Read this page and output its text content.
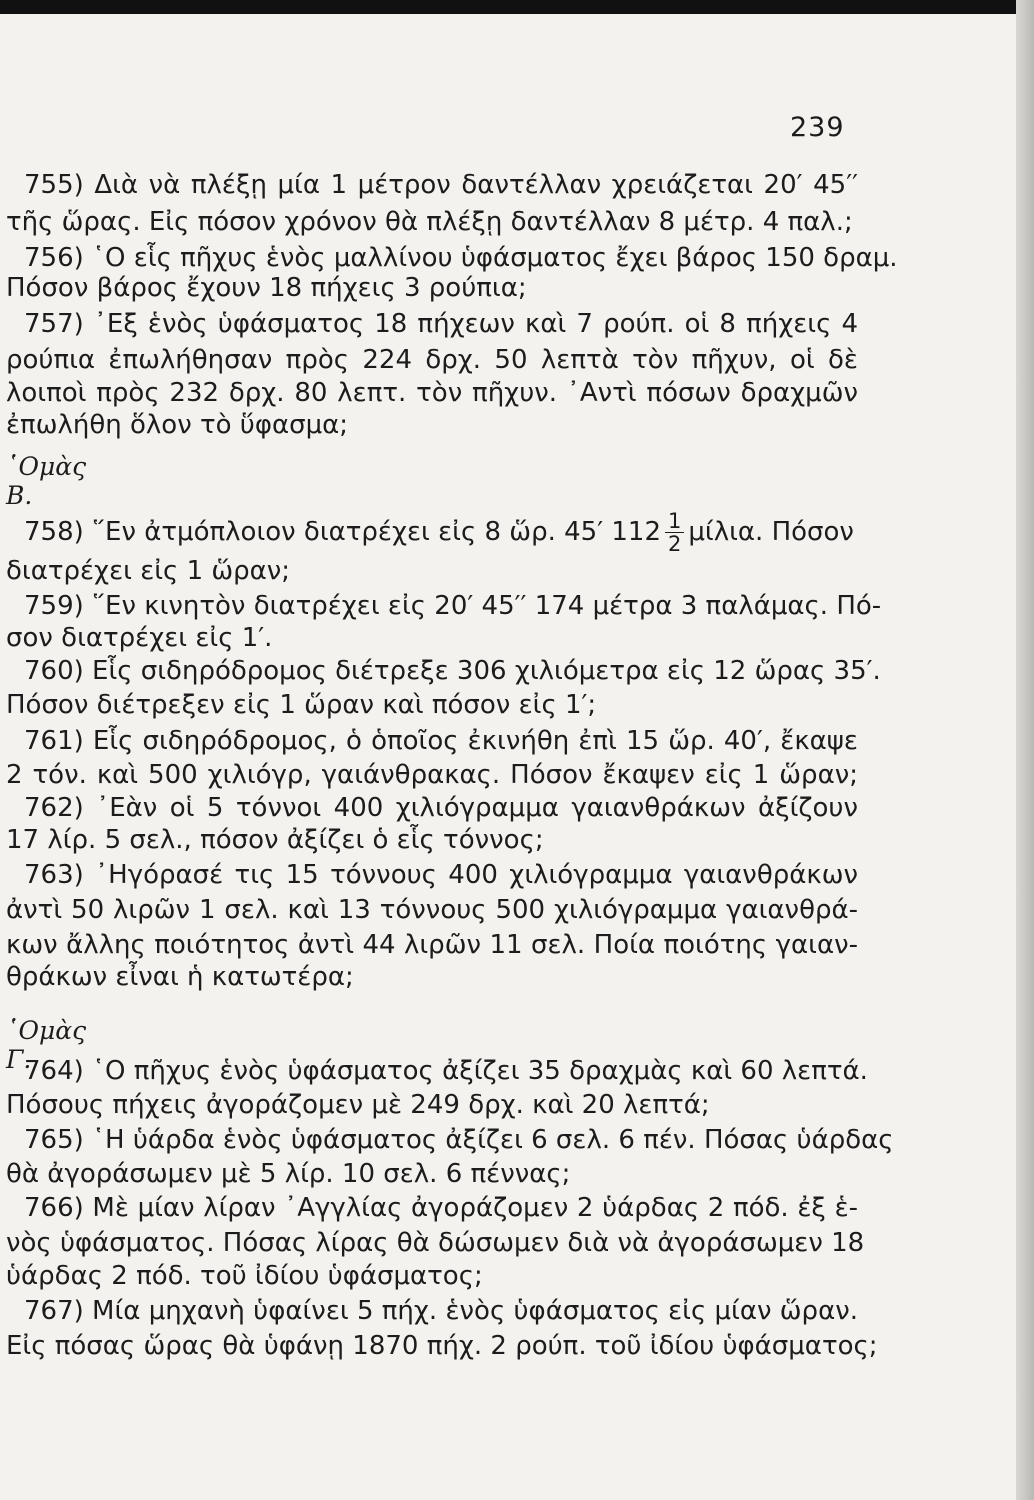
239
755) Διὰ νὰ πλέξῃ μία 1 μέτρον δαντέλλαν χρειάζεται 20′ 45′′
τῆς ὥρας. Εἰς πόσον χρόνον θὰ πλέξῃ δαντέλλαν 8 μέτρ. 4 παλ.;
756) ῾Ο εἷς πῆχυς ἑνὸς μαλλίνου ὑφάσματος ἔχει βάρος 150 δραμ.
Πόσον βάρος ἔχουν 18 πήχεις 3 ρούπια;
757) ᾿Εξ ἑνὸς ὑφάσματος 18 πήχεων καὶ 7 ρούπ. οἱ 8 πήχεις 4
ρούπια ἐπωλήθησαν πρὸς 224 δρχ. 50 λεπτὰ τὸν πῆχυν, οἱ δὲ
λοιποὶ πρὸς 232 δρχ. 80 λεπτ. τὸν πῆχυν. ᾿Αντὶ πόσων δραχμῶν
ἐπωλήθη ὅλον τὸ ὕφασμα;
῾Ομὰς Β.
758) ῞Εν ἀτμόπλοιον διατρέχει εἰς 8 ὥρ. 45′ $112 \frac{1}{2} \mu ί\lambda\iota\alpha$. Πόσον
διατρέχει εἰς 1 ὥραν;
759) ῞Εν κινητὸν διατρέχει εἰς 20′ 45′′ 174 μέτρα 3 παλάμας. Πό-
σον διατρέχει εἰς 1′.
760) Εἷς σιδηρόδρομος διέτρεξε 306 χιλιόμετρα εἰς 12 ὥρας 35′.
Πόσον διέτρεξεν εἰς 1 ὥραν καὶ πόσον εἰς 1′;
761) Εἷς σιδηρόδρομος, ὁ ὁποῖος ἐκινήθη ἐπὶ 15 ὥρ. 40′, ἔκαψε
2 τόν. καὶ 500 χιλιόγρ, γαιάνθρακας. Πόσον ἔκαψεν εἰς 1 ὥραν;
762) ᾿Εὰν οἱ 5 τόννοι 400 χιλιόγραμμα γαιανθράκων ἀξίζουν
17 λίρ. 5 σελ., πόσον ἀξίζει ὁ εἷς τόννος;
763) ᾿Ηγόρασέ τις 15 τόννους 400 χιλιόγραμμα γαιανθράκων
ἀντὶ 50 λιρῶν 1 σελ. καὶ 13 τόννους 500 χιλιόγραμμα γαιανθρά-
κων ἄλλης ποιότητος ἀντὶ 44 λιρῶν 11 σελ. Ποία ποιότης γαιαν-
θράκων εἶναι ἡ κατωτέρα;
῾Ομὰς Γ.
764) ῾Ο πῆχυς ἑνὸς ὑφάσματος ἀξίζει 35 δραχμὰς καὶ 60 λεπτά.
Πόσους πήχεις ἀγοράζομεν μὲ 249 δρχ. καὶ 20 λεπτά;
765) ῾Η ὑάρδα ἑνὸς ὑφάσματος ἀξίζει 6 σελ. 6 πέν. Πόσας ὑάρδας
θὰ ἀγοράσωμεν μὲ 5 λίρ. 10 σελ. 6 πέννας;
766) Μὲ μίαν λίραν ᾿Αγγλίας ἀγοράζομεν 2 ὑάρδας 2 πόδ. ἐξ ἑ-
νὸς ὑφάσματος. Πόσας λίρας θὰ δώσωμεν διὰ νὰ ἀγοράσωμεν 18
ὑάρδας 2 πόδ. τοῦ ἰδίου ὑφάσματος;
767) Μία μηχανὴ ὑφαίνει 5 πήχ. ἑνὸς ὑφάσματος εἰς μίαν ὥραν.
Εἰς πόσας ὥρας θὰ ὑφάνῃ 1870 πήχ. 2 ρούπ. τοῦ ἰδίου ὑφάσματος;
